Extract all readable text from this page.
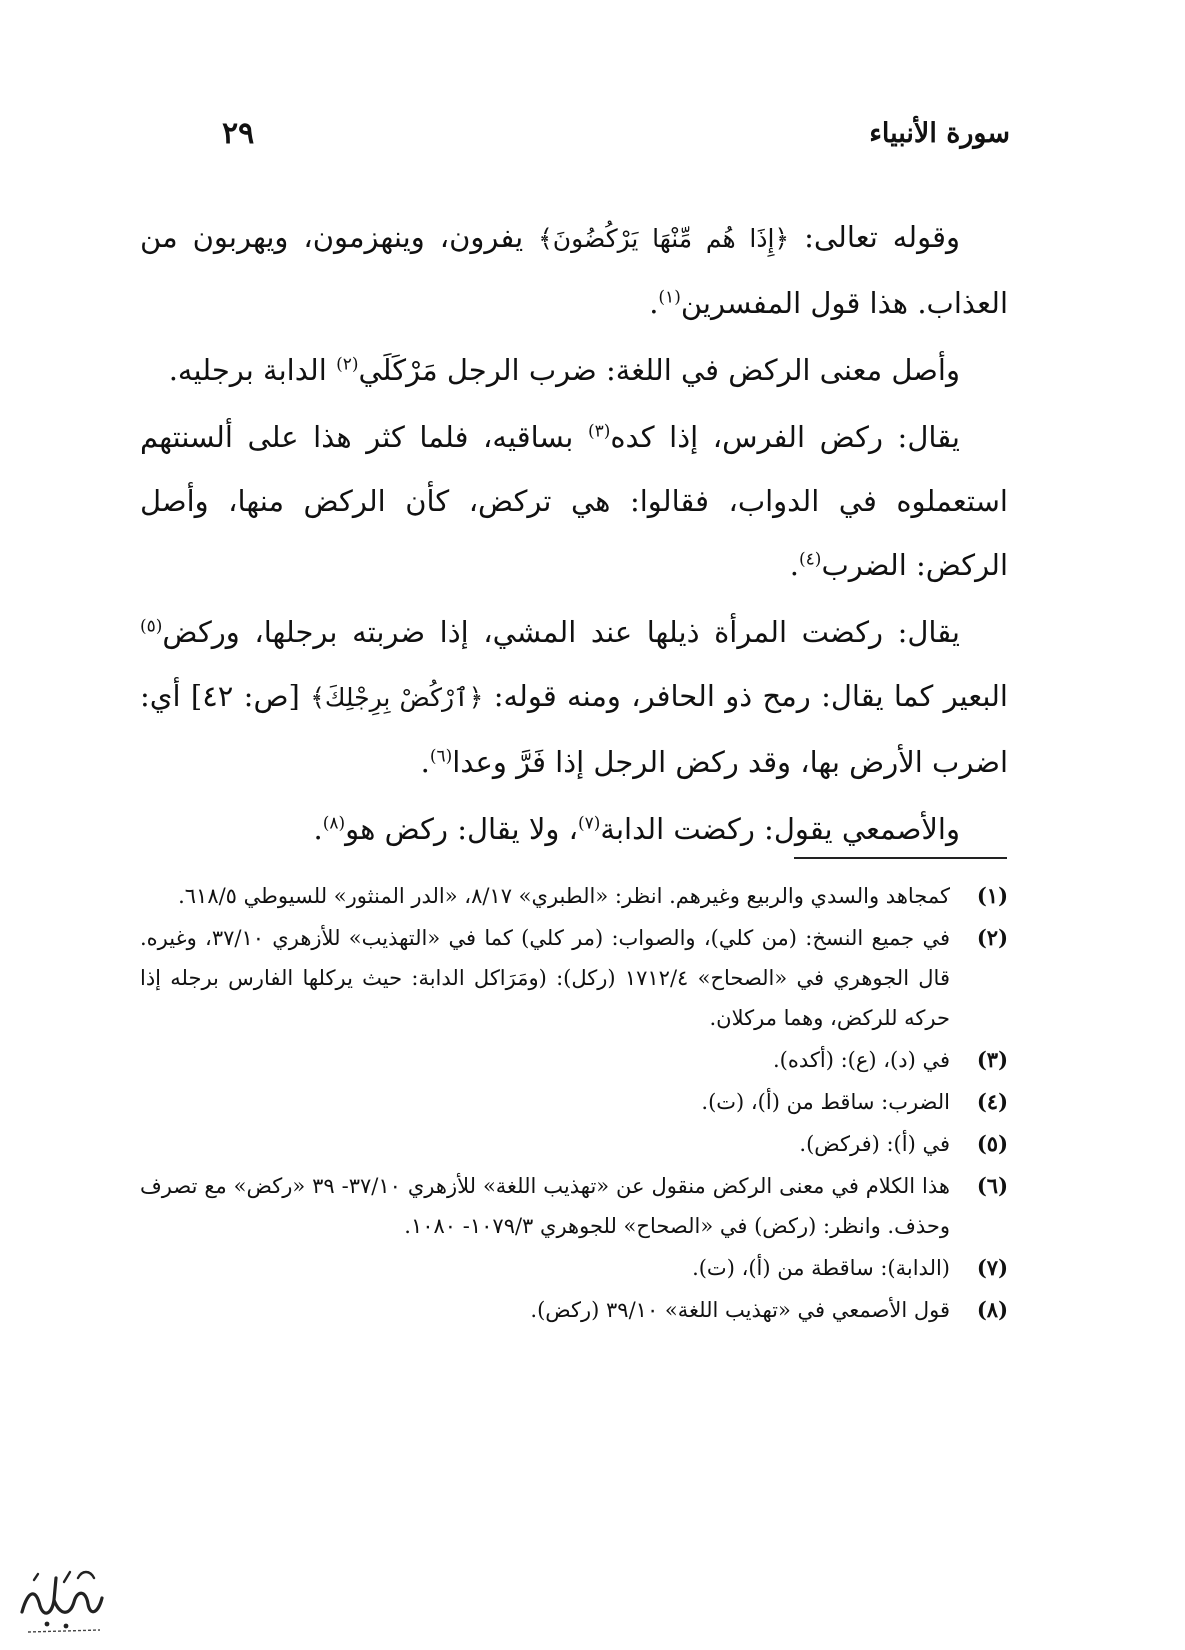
سورة الأنبياء
٢٩

وقوله تعالى: ﴿إِذَا هُم مِّنْهَا يَرْكُضُونَ﴾ يفرون، وينهزمون، ويهربون من العذاب. هذا قول المفسرين$^{(١)}$.

وأصل معنى الركض في اللغة: ضرب الرجل مَرْكَلَي$^{(٢)}$ الدابة برجليه.

يقال: ركض الفرس، إذا كده$^{(٣)}$ بساقيه، فلما كثر هذا على ألسنتهم استعملوه في الدواب، فقالوا: هي تركض، كأن الركض منها، وأصل الركض: الضرب$^{(٤)}$.

يقال: ركضت المرأة ذيلها عند المشي، إذا ضربته برجلها، وركض$^{(٥)}$ البعير كما يقال: رمح ذو الحافر، ومنه قوله: ﴿ٱرْكُضْ بِرِجْلِكَ﴾ [ص: ٤٢] أي: اضرب الأرض بها، وقد ركض الرجل إذا فَرَّ وعدا$^{(٦)}$.

والأصمعي يقول: ركضت الدابة$^{(٧)}$، ولا يقال: ركض هو$^{(٨)}$.

(١)
كمجاهد والسدي والربيع وغيرهم. انظر: «الطبري» ٨/١٧، «الدر المنثور» للسيوطي ٦١٨/٥.
(٢)
في جميع النسخ: (من كلي)، والصواب: (مر كلي) كما في «التهذيب» للأزهري ٣٧/١٠، وغيره. قال الجوهري في «الصحاح» ١٧١٢/٤ (ركل): (ومَرَاكل الدابة: حيث يركلها الفارس برجله إذا حركه للركض، وهما مركلان.
(٣)
في (د)، (ع): (أكده).
(٤)
الضرب: ساقط من (أ)، (ت).
(٥)
في (أ): (فركض).
(٦)
هذا الكلام في معنى الركض منقول عن «تهذيب اللغة» للأزهري ٣٧/١٠- ٣٩ «ركض» مع تصرف وحذف. وانظر: (ركض) في «الصحاح» للجوهري ١٠٧٩/٣- ١٠٨٠.
(٧)
(الدابة): ساقطة من (أ)، (ت).
(٨)
قول الأصمعي في «تهذيب اللغة» ٣٩/١٠ (ركض).
